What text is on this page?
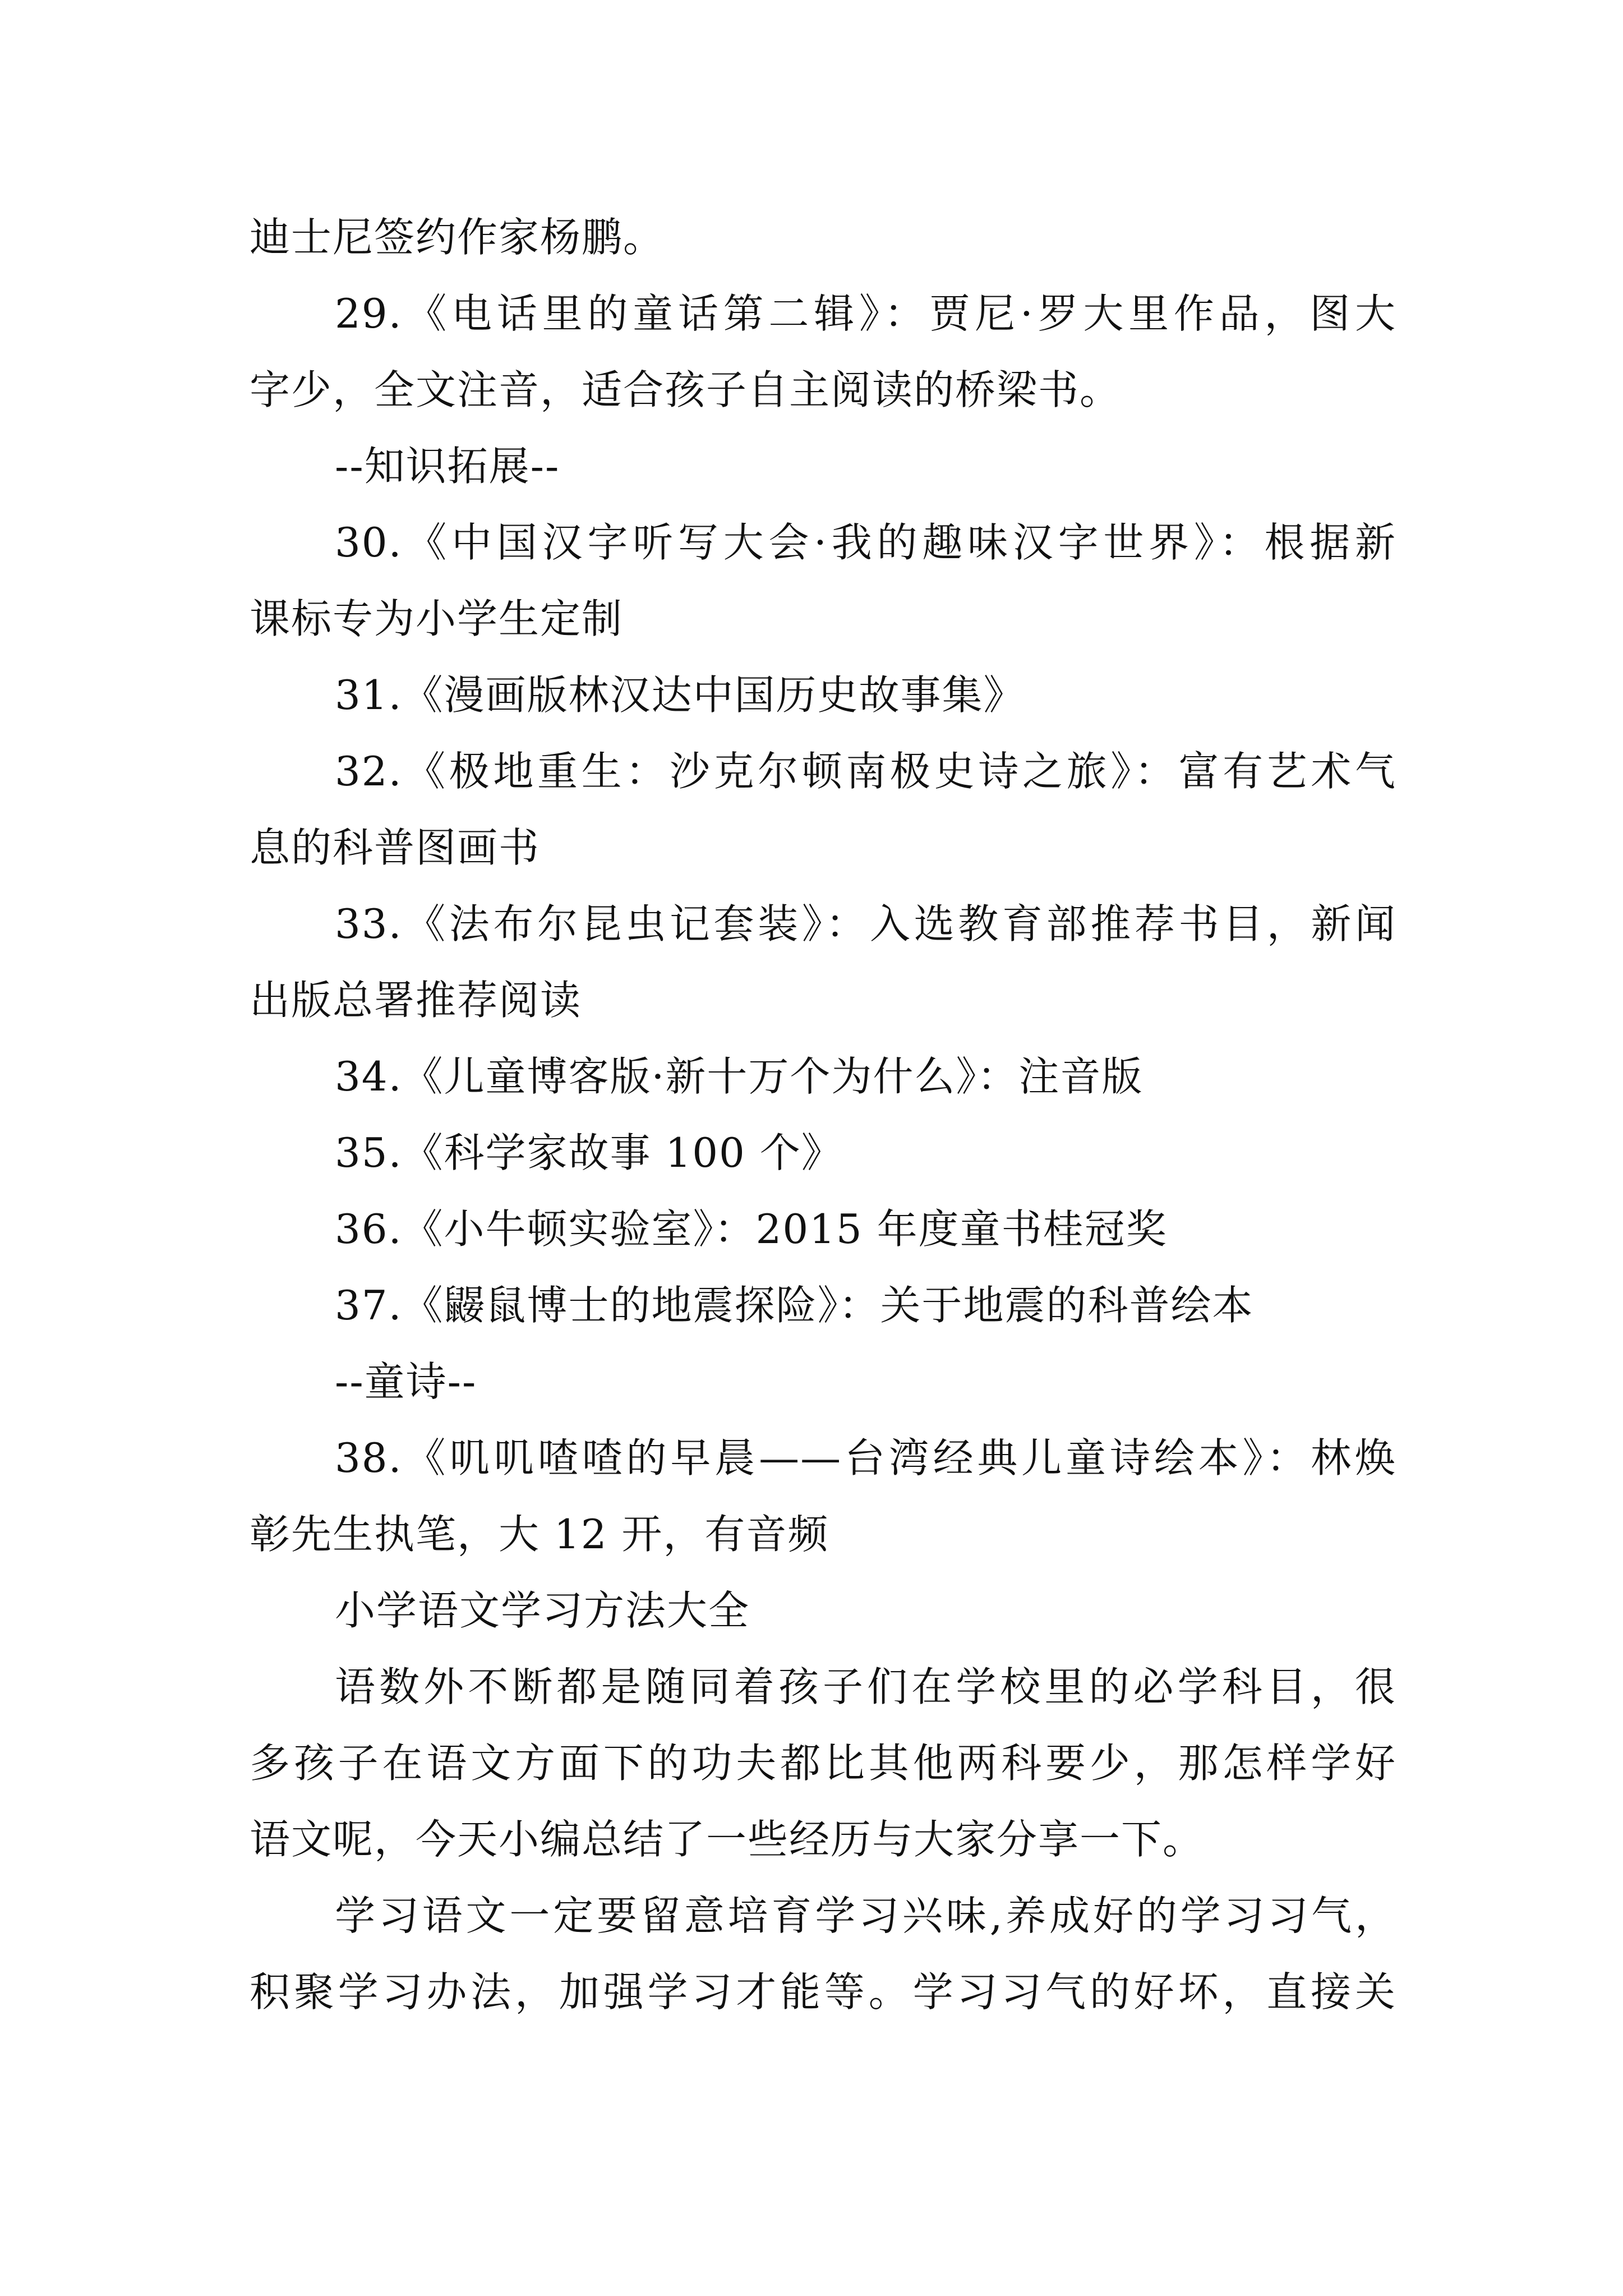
迪士尼签约作家杨鹏。
29.《电话里的童话第二辑》：贾尼·罗大里作品，图大
字少，全文注音，适合孩子自主阅读的桥梁书。
--知识拓展--
30.《中国汉字听写大会·我的趣味汉字世界》：根据新
课标专为小学生定制
31.《漫画版林汉达中国历史故事集》
32.《极地重生：沙克尔顿南极史诗之旅》：富有艺术气
息的科普图画书
33.《法布尔昆虫记套装》：入选教育部推荐书目，新闻
出版总署推荐阅读
34.《儿童博客版·新十万个为什么》：注音版
35.《科学家故事 100 个》
36.《小牛顿实验室》：2015 年度童书桂冠奖
37.《鼹鼠博士的地震探险》：关于地震的科普绘本
--童诗--
38.《叽叽喳喳的早晨——台湾经典儿童诗绘本》：林焕
彰先生执笔，大 12 开，有音频
小学语文学习方法大全
语数外不断都是随同着孩子们在学校里的必学科目，很
多孩子在语文方面下的功夫都比其他两科要少，那怎样学好
语文呢，今天小编总结了一些经历与大家分享一下。
学习语文一定要留意培育学习兴味,养成好的学习习气，
积聚学习办法，加强学习才能等。学习习气的好坏，直接关
